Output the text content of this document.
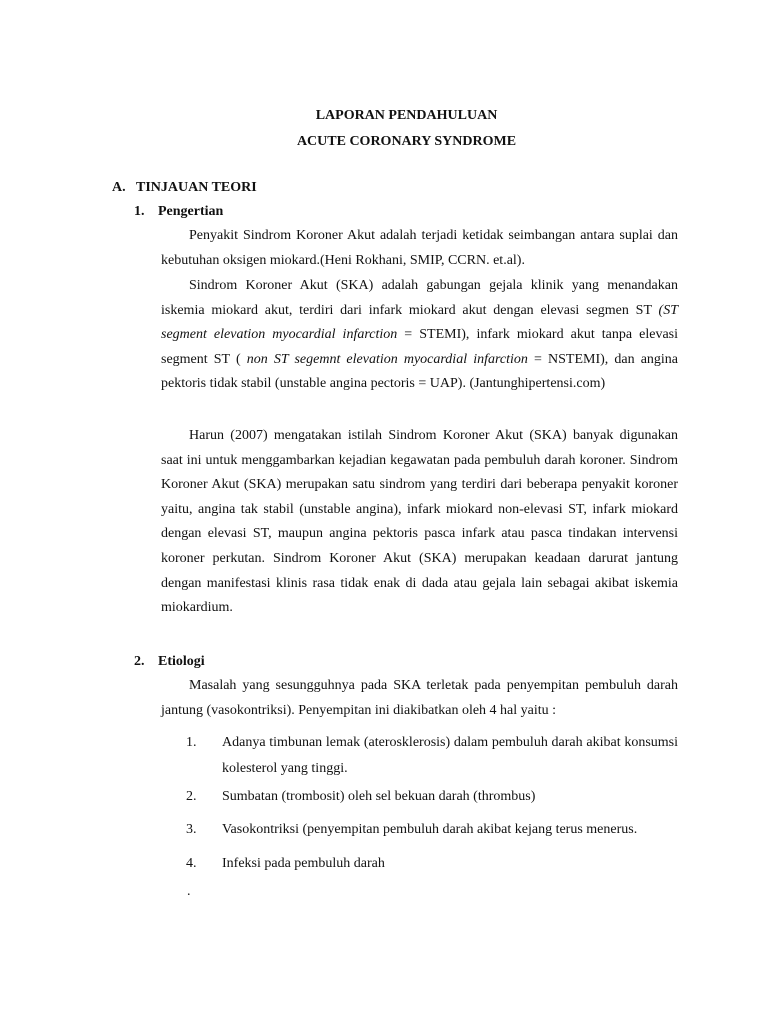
LAPORAN PENDAHULUAN
ACUTE CORONARY SYNDROME
A. TINJAUAN TEORI
1. Pengertian
Penyakit Sindrom Koroner Akut adalah terjadi ketidak seimbangan antara suplai dan kebutuhan oksigen miokard.(Heni Rokhani, SMIP, CCRN. et.al).
Sindrom Koroner Akut (SKA) adalah gabungan gejala klinik yang menandakan iskemia miokard akut, terdiri dari infark miokard akut dengan elevasi segmen ST (ST segment elevation myocardial infarction = STEMI), infark miokard akut tanpa elevasi segment ST ( non ST segemnt elevation myocardial infarction = NSTEMI), dan angina pektoris tidak stabil (unstable angina pectoris = UAP). (Jantunghipertensi.com)
Harun (2007) mengatakan istilah Sindrom Koroner Akut (SKA) banyak digunakan saat ini untuk menggambarkan kejadian kegawatan pada pembuluh darah koroner. Sindrom Koroner Akut (SKA) merupakan satu sindrom yang terdiri dari beberapa penyakit koroner yaitu, angina tak stabil (unstable angina), infark miokard non-elevasi ST, infark miokard dengan elevasi ST, maupun angina pektoris pasca infark atau pasca tindakan intervensi koroner perkutan. Sindrom Koroner Akut (SKA) merupakan keadaan darurat jantung dengan manifestasi klinis rasa tidak enak di dada atau gejala lain sebagai akibat iskemia miokardium.
2. Etiologi
Masalah yang sesungguhnya pada SKA terletak pada penyempitan pembuluh darah jantung (vasokontriksi). Penyempitan ini diakibatkan oleh 4 hal yaitu :
1. Adanya timbunan lemak (aterosklerosis) dalam pembuluh darah akibat konsumsi kolesterol yang tinggi.
2. Sumbatan (trombosit) oleh sel bekuan darah (thrombus)
3. Vasokontriksi (penyempitan pembuluh darah akibat kejang terus menerus.
4. Infeksi pada pembuluh darah
.
